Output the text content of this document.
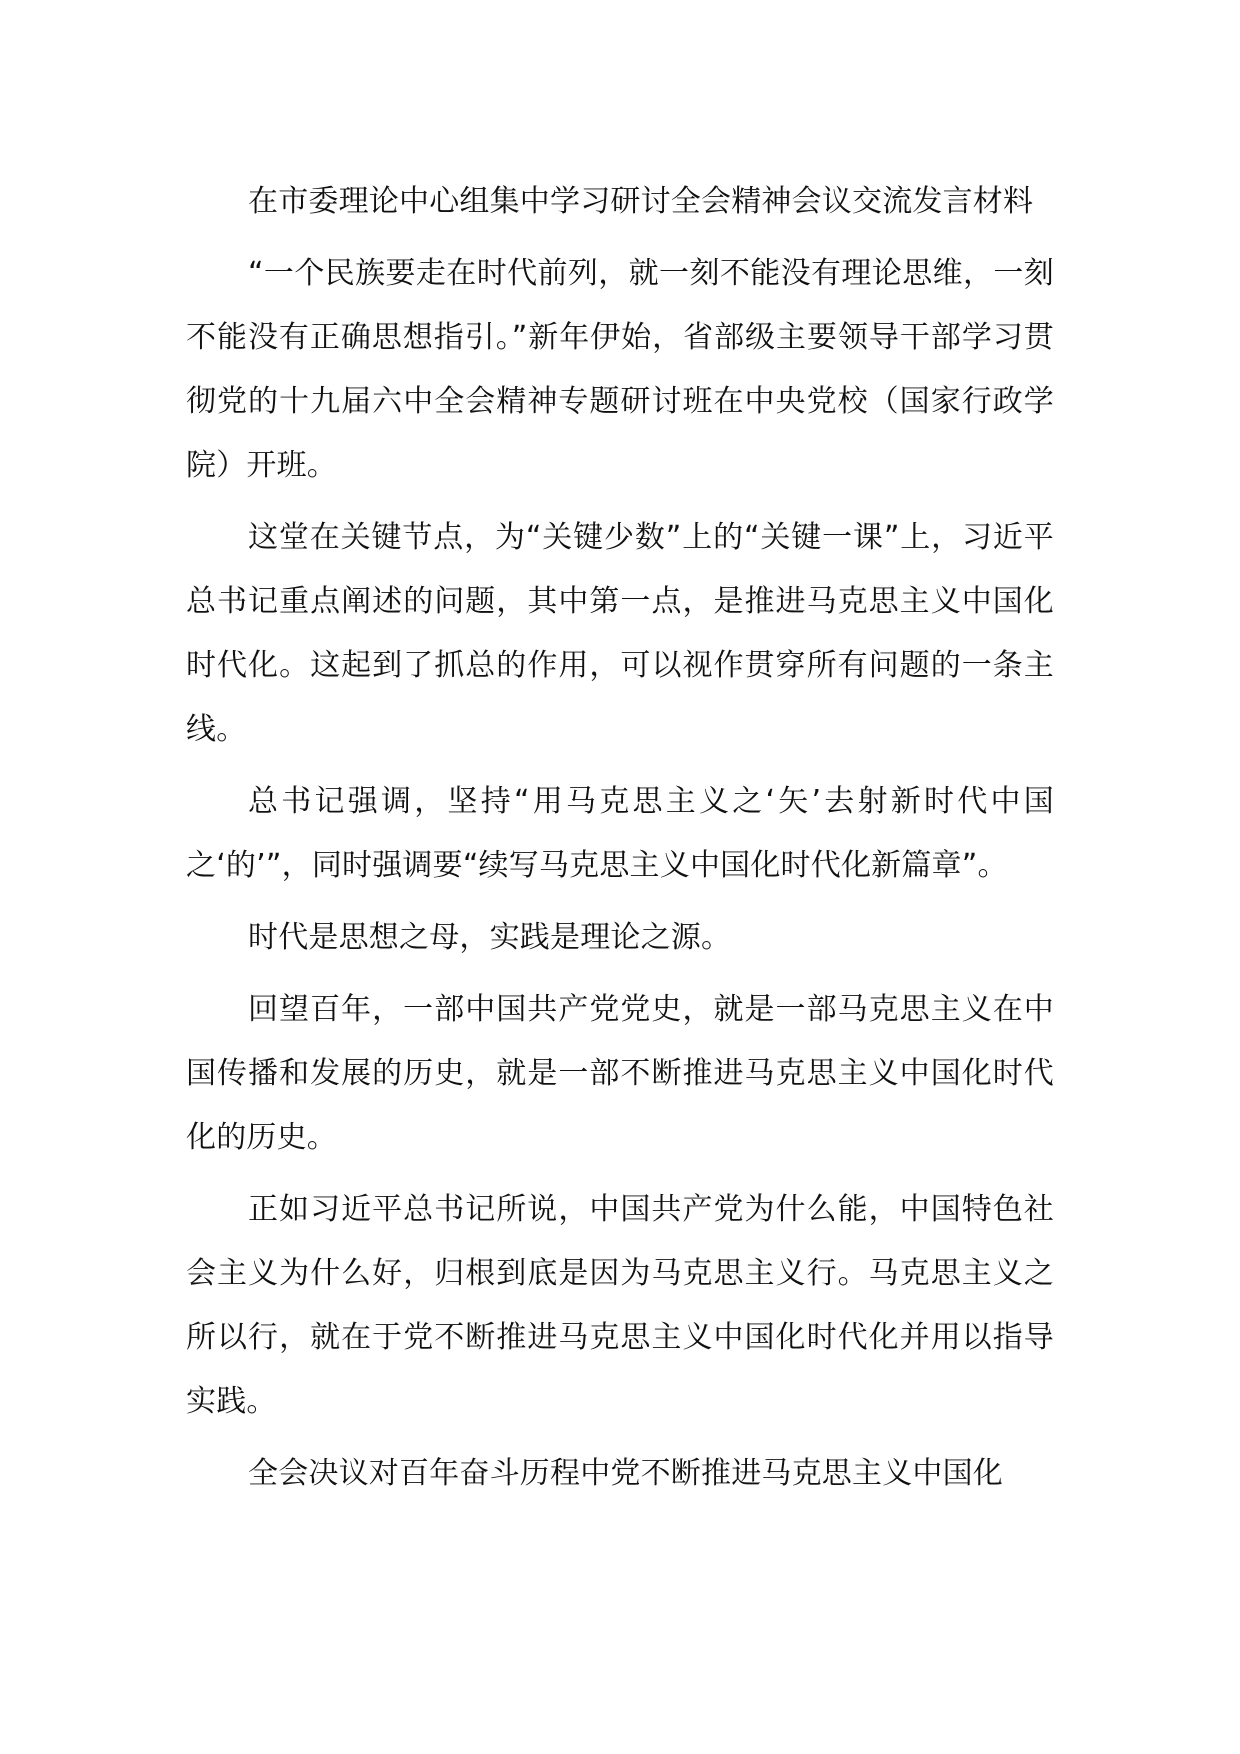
在市委理论中心组集中学习研讨全会精神会议交流发言材料

“一个民族要走在时代前列，就一刻不能没有理论思维，一刻不能没有正确思想指引。”新年伊始，省部级主要领导干部学习贯彻党的十九届六中全会精神专题研讨班在中央党校（国家行政学院）开班。

这堂在关键节点，为“关键少数”上的“关键一课”上，习近平总书记重点阐述的问题，其中第一点，是推进马克思主义中国化时代化。这起到了抓总的作用，可以视作贯穿所有问题的一条主线。

总书记强调，坚持“用马克思主义之‘矢’去射新时代中国之‘的’”，同时强调要“续写马克思主义中国化时代化新篇章”。

时代是思想之母，实践是理论之源。

回望百年，一部中国共产党党史，就是一部马克思主义在中国传播和发展的历史，就是一部不断推进马克思主义中国化时代化的历史。

正如习近平总书记所说，中国共产党为什么能，中国特色社会主义为什么好，归根到底是因为马克思主义行。马克思主义之所以行，就在于党不断推进马克思主义中国化时代化并用以指导实践。

全会决议对百年奋斗历程中党不断推进马克思主义中国化
